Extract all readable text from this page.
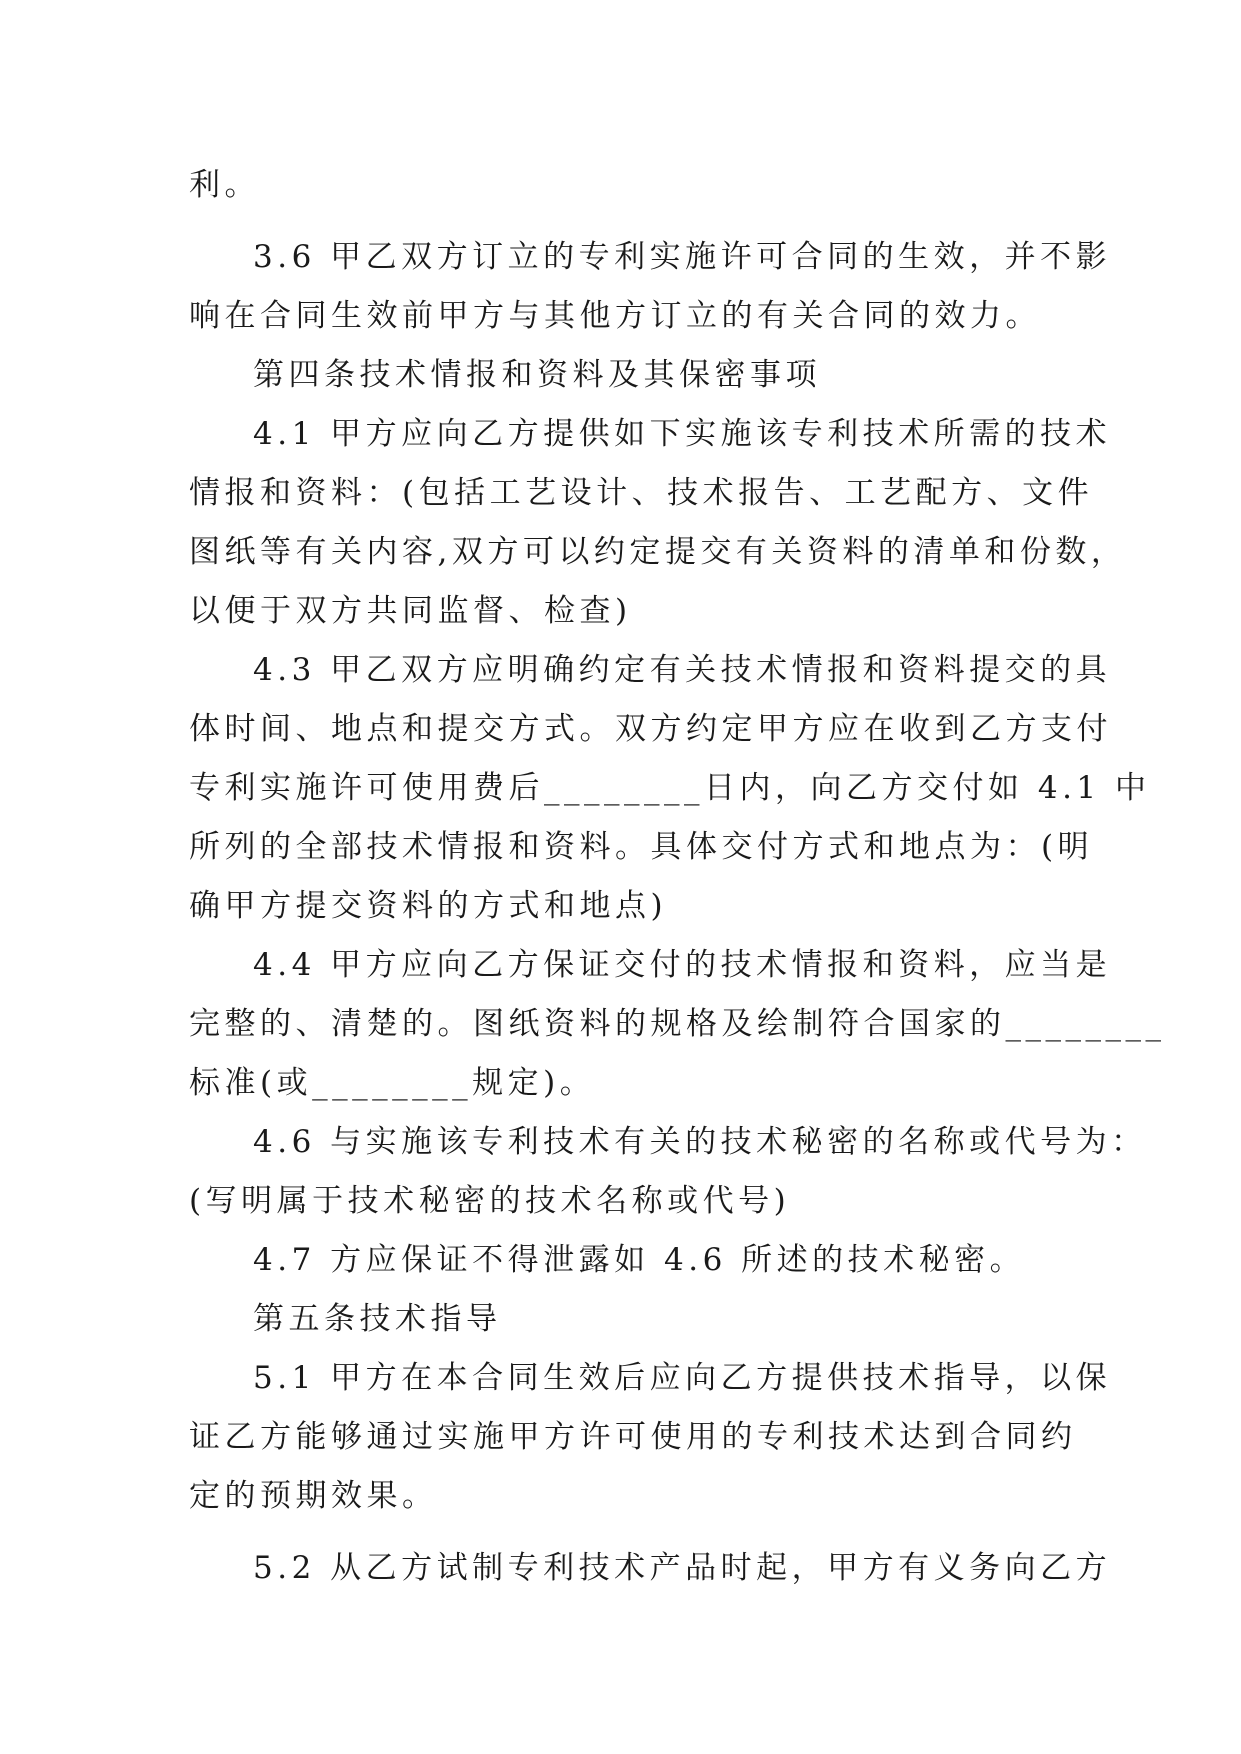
利。
3.6 甲乙双方订立的专利实施许可合同的生效，并不影
响在合同生效前甲方与其他方订立的有关合同的效力。
第四条技术情报和资料及其保密事项
4.1 甲方应向乙方提供如下实施该专利技术所需的技术
情报和资料：(包括工艺设计、技术报告、工艺配方、文件
图纸等有关内容,双方可以约定提交有关资料的清单和份数，
以便于双方共同监督、检查)
4.3 甲乙双方应明确约定有关技术情报和资料提交的具
体时间、地点和提交方式。双方约定甲方应在收到乙方支付
专利实施许可使用费后________日内，向乙方交付如 4.1 中
所列的全部技术情报和资料。具体交付方式和地点为：(明
确甲方提交资料的方式和地点)
4.4 甲方应向乙方保证交付的技术情报和资料，应当是
完整的、清楚的。图纸资料的规格及绘制符合国家的________
标准(或________规定)。
4.6 与实施该专利技术有关的技术秘密的名称或代号为：
(写明属于技术秘密的技术名称或代号)
4.7 方应保证不得泄露如 4.6 所述的技术秘密。
第五条技术指导
5.1 甲方在本合同生效后应向乙方提供技术指导，以保
证乙方能够通过实施甲方许可使用的专利技术达到合同约
定的预期效果。
5.2 从乙方试制专利技术产品时起，甲方有义务向乙方
